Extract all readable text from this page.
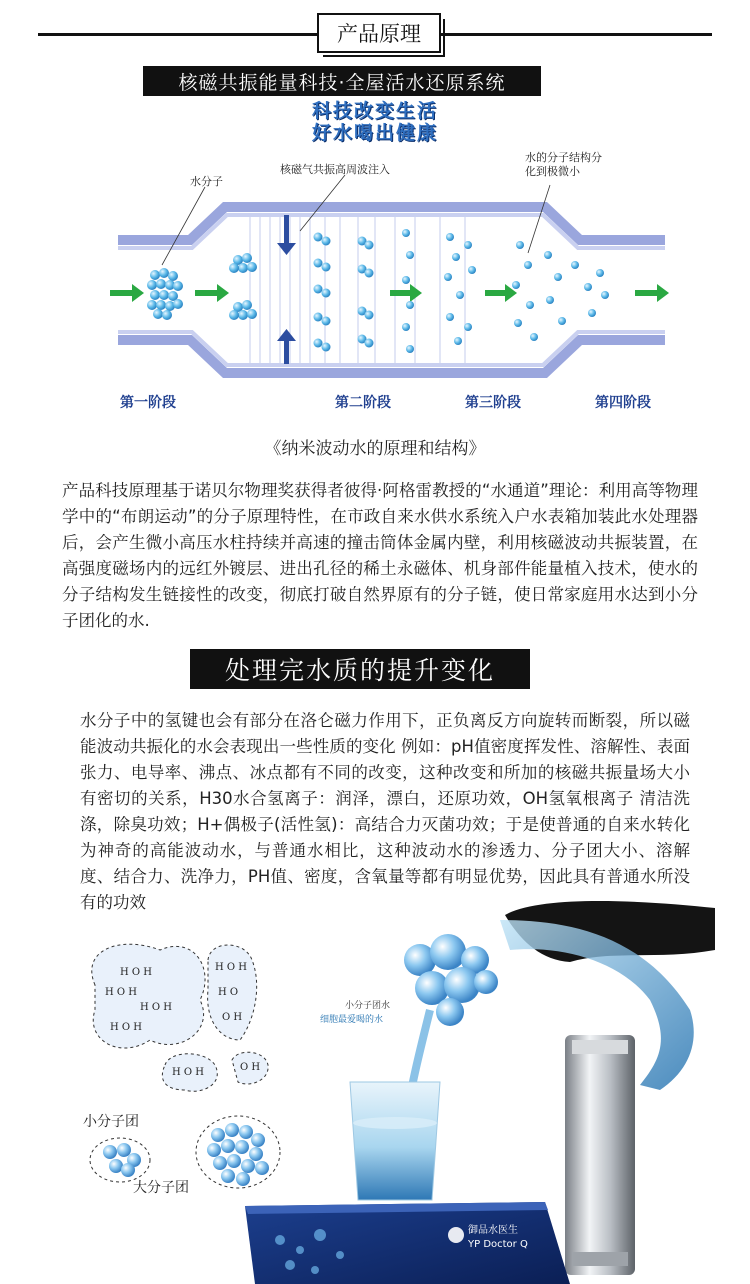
产品原理
核磁共振能量科技·全屋活水还原系统
科技改变生活
好水喝出健康
水分子
核磁气共振高周波注入
水的分子结构分
化到极微小
第一阶段	第二阶段	第三阶段	第四阶段
《纳米波动水的原理和结构》
产品科技原理基于诺贝尔物理奖获得者彼得·阿格雷教授的“水通道”理论：利用高等物理学中的“布朗运动”的分子原理特性，在市政自来水供水系统入户水表箱加装此水处理器后，会产生微小高压水柱持续并高速的撞击筒体金属内壁，利用核磁波动共振装置，在高强度磁场内的远红外镀层、进出孔径的稀土永磁体、机身部件能量植入技术，使水的分子结构发生链接性的改变，彻底打破自然界原有的分子链，使日常家庭用水达到小分子团化的水.
处理完水质的提升变化
水分子中的氢键也会有部分在洛仑磁力作用下，正负离反方向旋转而断裂，所以磁能波动共振化的水会表现出一些性质的变化 例如：pH值密度挥发性、溶解性、表面张力、电导率、沸点、冰点都有不同的改变，这种改变和所加的核磁共振量场大小有密切的关系，H30水合氢离子：润泽，漂白，还原功效，OH氢氧根离子 清洁洗涤，除臭功效；H+偶极子(活性氢)：高结合力灭菌功效；于是使普通的自来水转化为神奇的高能波动水，与普通水相比，这种波动水的渗透力、分子团大小、溶解度、结合力、洗净力，PH值、密度，含氧量等都有明显优势，因此具有普通水所没有的功效
H O H
H O H
H O H
H O H
H O H
H O
O H
H O H	O H
小分子团
大分子团
小分子团水
细胞最爱喝的水
御品水医生
YP Doctor Q
